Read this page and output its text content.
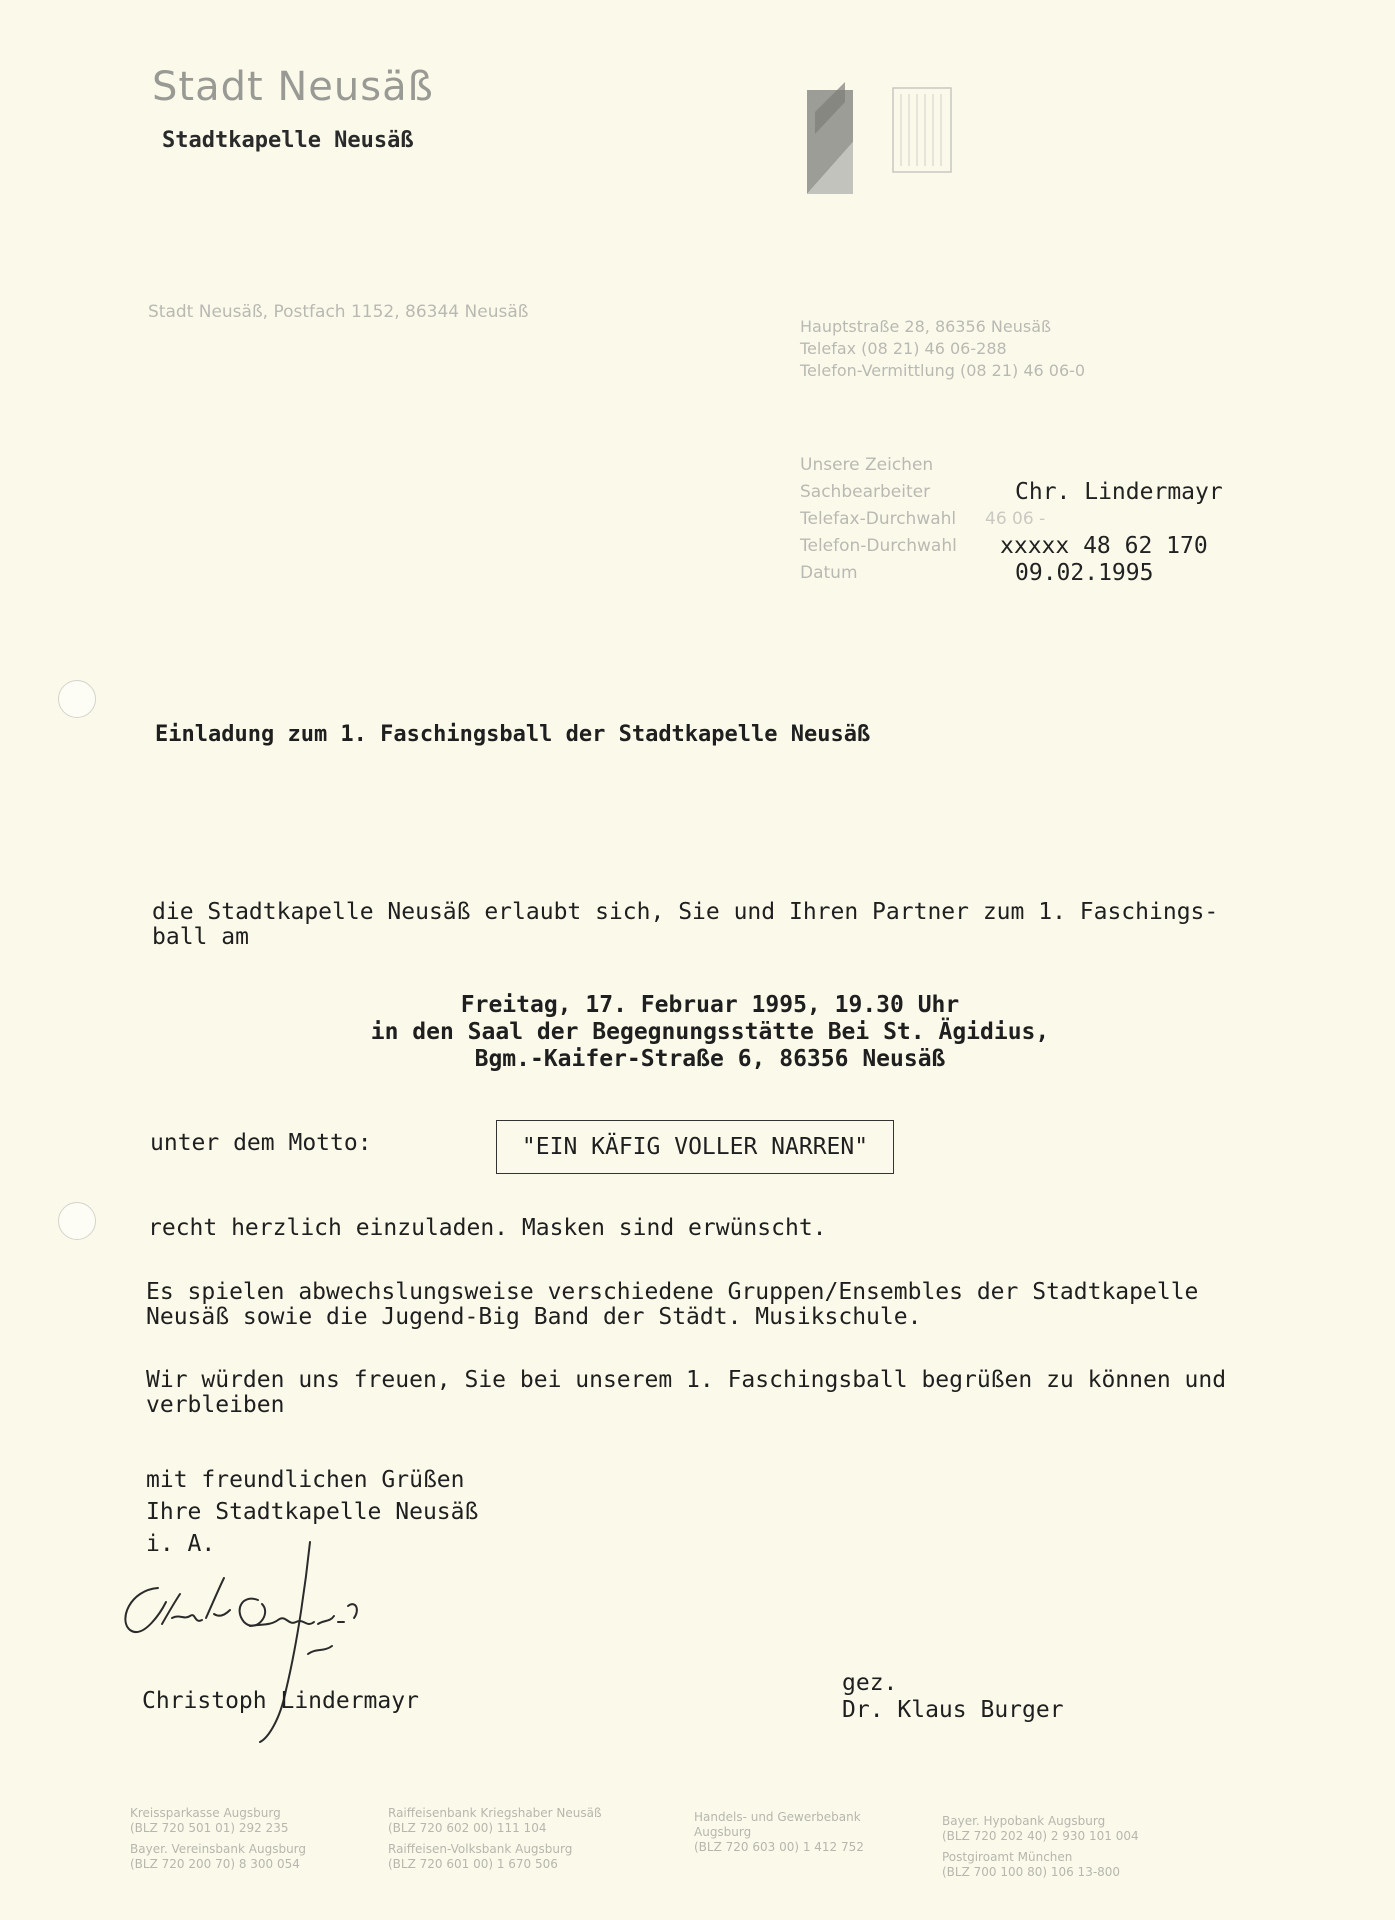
Stadt Neusäß
Stadtkapelle Neusäß
Stadt Neusäß, Postfach 1152, 86344 Neusäß
Hauptstraße 28, 86356 Neusäß
Telefax (08 21) 46 06-288
Telefon-Vermittlung (08 21) 46 06-0
Unsere Zeichen
Sachbearbeiter	Chr. Lindermayr
Telefax-Durchwahl	46 06 -
Telefon-Durchwahl	xxxxx 48 62 170
Datum	09.02.1995
Einladung zum 1. Faschingsball der Stadtkapelle Neusäß
die Stadtkapelle Neusäß erlaubt sich, Sie und Ihren Partner zum 1. Faschings-ball am
Freitag, 17. Februar 1995, 19.30 Uhr
in den Saal der Begegnungsstätte Bei St. Ägidius,
Bgm.-Kaifer-Straße 6, 86356 Neusäß
unter dem Motto:	"EIN KÄFIG VOLLER NARREN"
recht herzlich einzuladen. Masken sind erwünscht.
Es spielen abwechslungsweise verschiedene Gruppen/Ensembles der Stadtkapelle Neusäß sowie die Jugend-Big Band der Städt. Musikschule.
Wir würden uns freuen, Sie bei unserem 1. Faschingsball begrüßen zu können und verbleiben
mit freundlichen Grüßen
Ihre Stadtkapelle Neusäß
i. A.
Christoph Lindermayr
gez.
Dr. Klaus Burger
Kreissparkasse Augsburg
(BLZ 720 501 01) 292 235
Bayer. Vereinsbank Augsburg
(BLZ 720 200 70) 8 300 054
Raiffeisenbank Kriegshaber Neusäß
(BLZ 720 602 00) 111 104
Raiffeisen-Volksbank Augsburg
(BLZ 720 601 00) 1 670 506
Handels- und Gewerbebank
Augsburg
(BLZ 720 603 00) 1 412 752
Bayer. Hypobank Augsburg
(BLZ 720 202 40) 2 930 101 004
Postgiroamt München
(BLZ 700 100 80) 106 13-800
